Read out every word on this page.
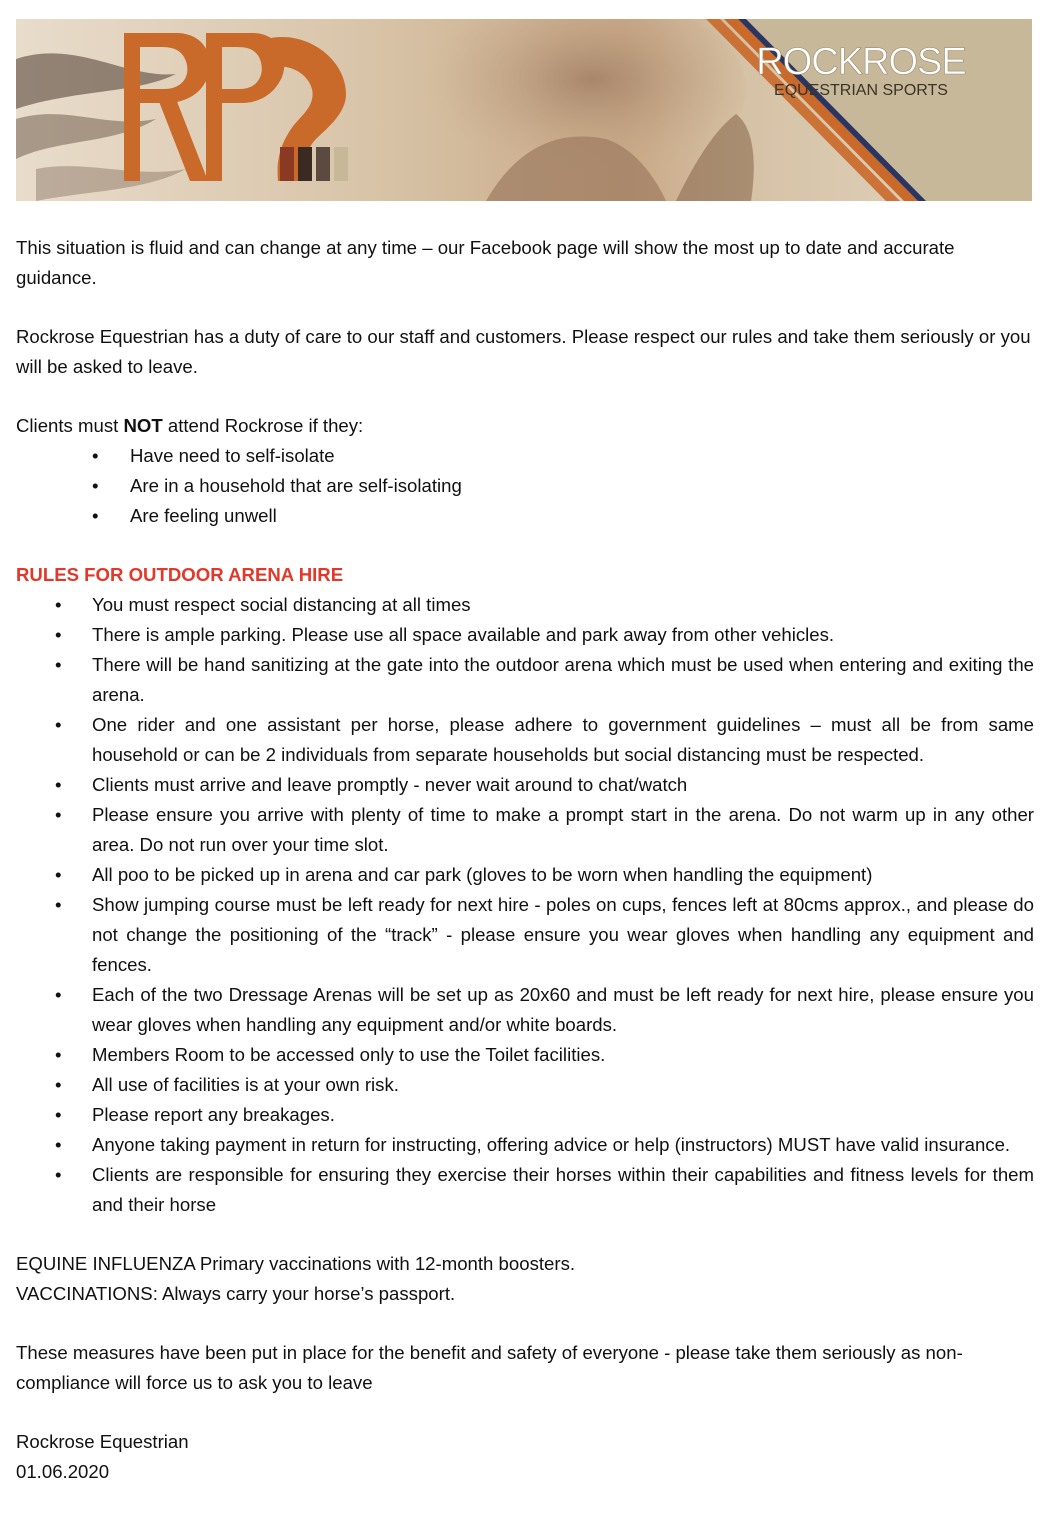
ROCKROSE
EQUESTRIAN SPORTS

This situation is fluid and can change at any time – our Facebook page will show the most up to date and accurate guidance.

Rockrose Equestrian has a duty of care to our staff and customers. Please respect our rules and take them seriously or you will be asked to leave.

Clients must NOT attend Rockrose if they:

• Have need to self-isolate
• Are in a household that are self-isolating
• Are feeling unwell

RULES FOR OUTDOOR ARENA HIRE

• You must respect social distancing at all times
• There is ample parking. Please use all space available and park away from other vehicles.
• There will be hand sanitizing at the gate into the outdoor arena which must be used when entering and exiting the arena.
• One rider and one assistant per horse, please adhere to government guidelines – must all be from same household or can be 2 individuals from separate households but social distancing must be respected.
• Clients must arrive and leave promptly - never wait around to chat/watch
• Please ensure you arrive with plenty of time to make a prompt start in the arena. Do not warm up in any other area. Do not run over your time slot.
• All poo to be picked up in arena and car park (gloves to be worn when handling the equipment)
• Show jumping course must be left ready for next hire - poles on cups, fences left at 80cms approx., and please do not change the positioning of the “track” - please ensure you wear gloves when handling any equipment and fences.
• Each of the two Dressage Arenas will be set up as 20x60 and must be left ready for next hire, please ensure you wear gloves when handling any equipment and/or white boards.
• Members Room to be accessed only to use the Toilet facilities.
• All use of facilities is at your own risk.
• Please report any breakages.
• Anyone taking payment in return for instructing, offering advice or help (instructors) MUST have valid insurance.
• Clients are responsible for ensuring they exercise their horses within their capabilities and fitness levels for them and their horse

EQUINE INFLUENZA Primary vaccinations with 12-month boosters.

VACCINATIONS: Always carry your horse’s passport.

These measures have been put in place for the benefit and safety of everyone - please take them seriously as non-compliance will force us to ask you to leave

Rockrose Equestrian

01.06.2020
